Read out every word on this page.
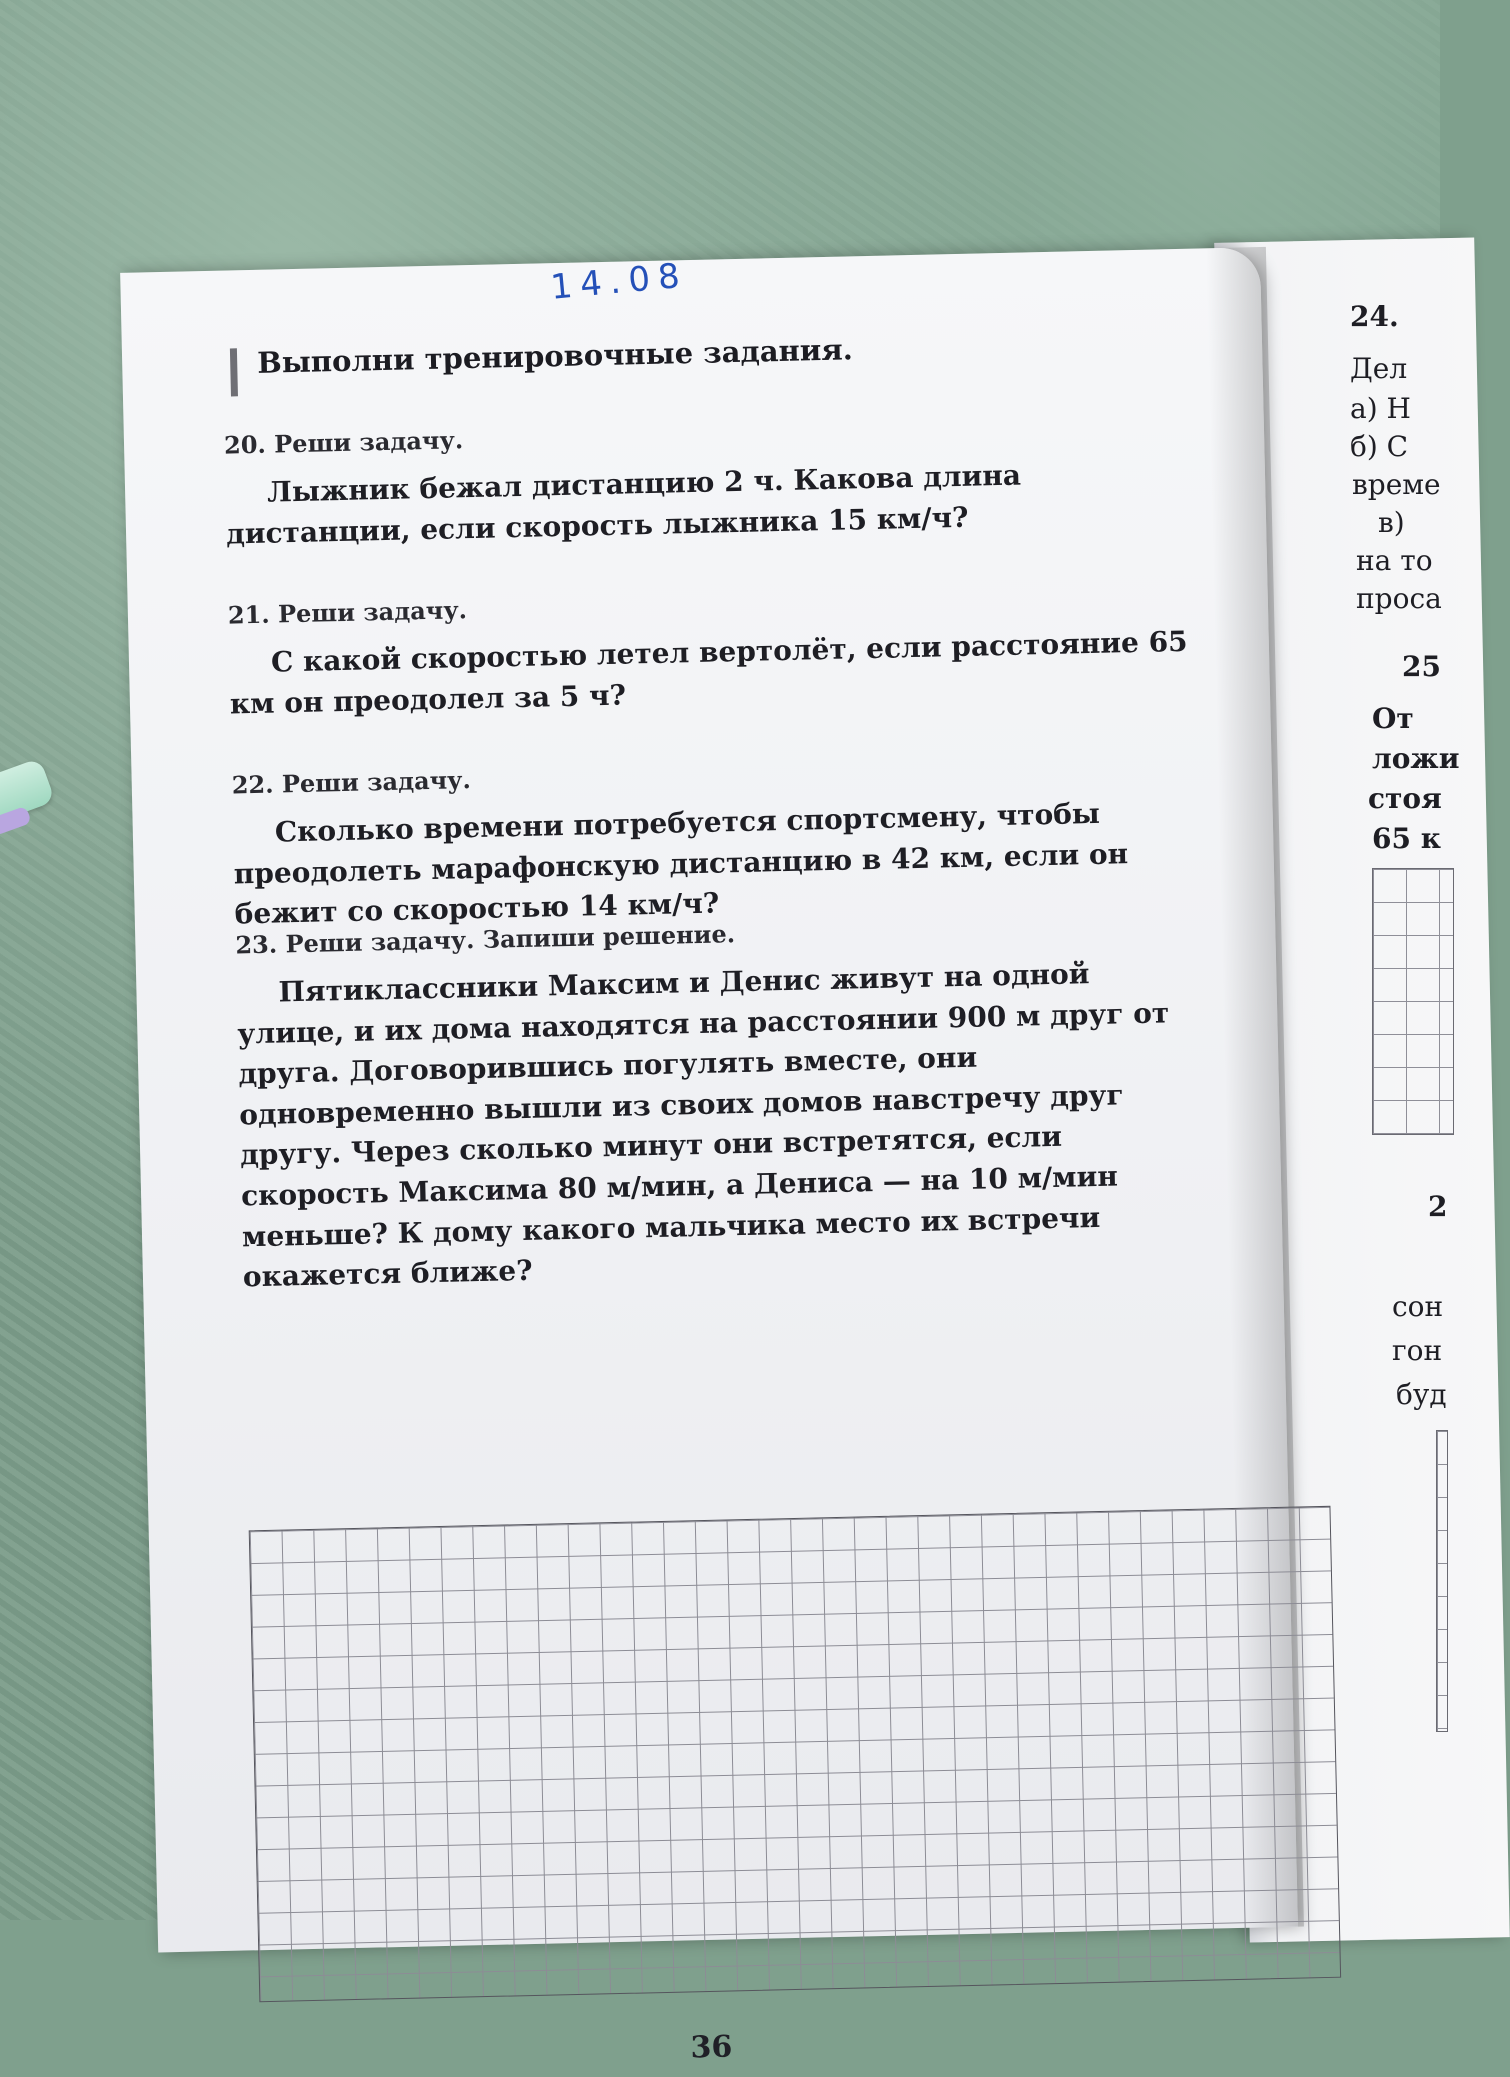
24.
Дел
а) Н
б) С
време
в)
на то
проса
25
От
ложи
стоя
65 к
2
сон
гон
буд
14.08
Выполни тренировочные задания.
20. Реши задачу.
Лыжник бежал дистанцию 2 ч. Какова длина дистанции, если скорость лыжника 15 км/ч?
21. Реши задачу.
С какой скоростью летел вертолёт, если расстояние 65 км он преодолел за 5 ч?
22. Реши задачу.
Сколько времени потребуется спортсмену, чтобы преодолеть марафонскую дистанцию в 42 км, если он бежит со скоростью 14 км/ч?
23. Реши задачу. Запиши решение.
Пятиклассники Максим и Денис живут на одной улице, и их дома находятся на расстоянии 900 м друг от друга. Договорившись погулять вместе, они одновременно вышли из своих домов навстречу друг другу. Через сколько минут они встретятся, если скорость Максима 80 м/мин, а Дениса — на 10 м/мин меньше? К дому какого мальчика место их встречи окажется ближе?
36
